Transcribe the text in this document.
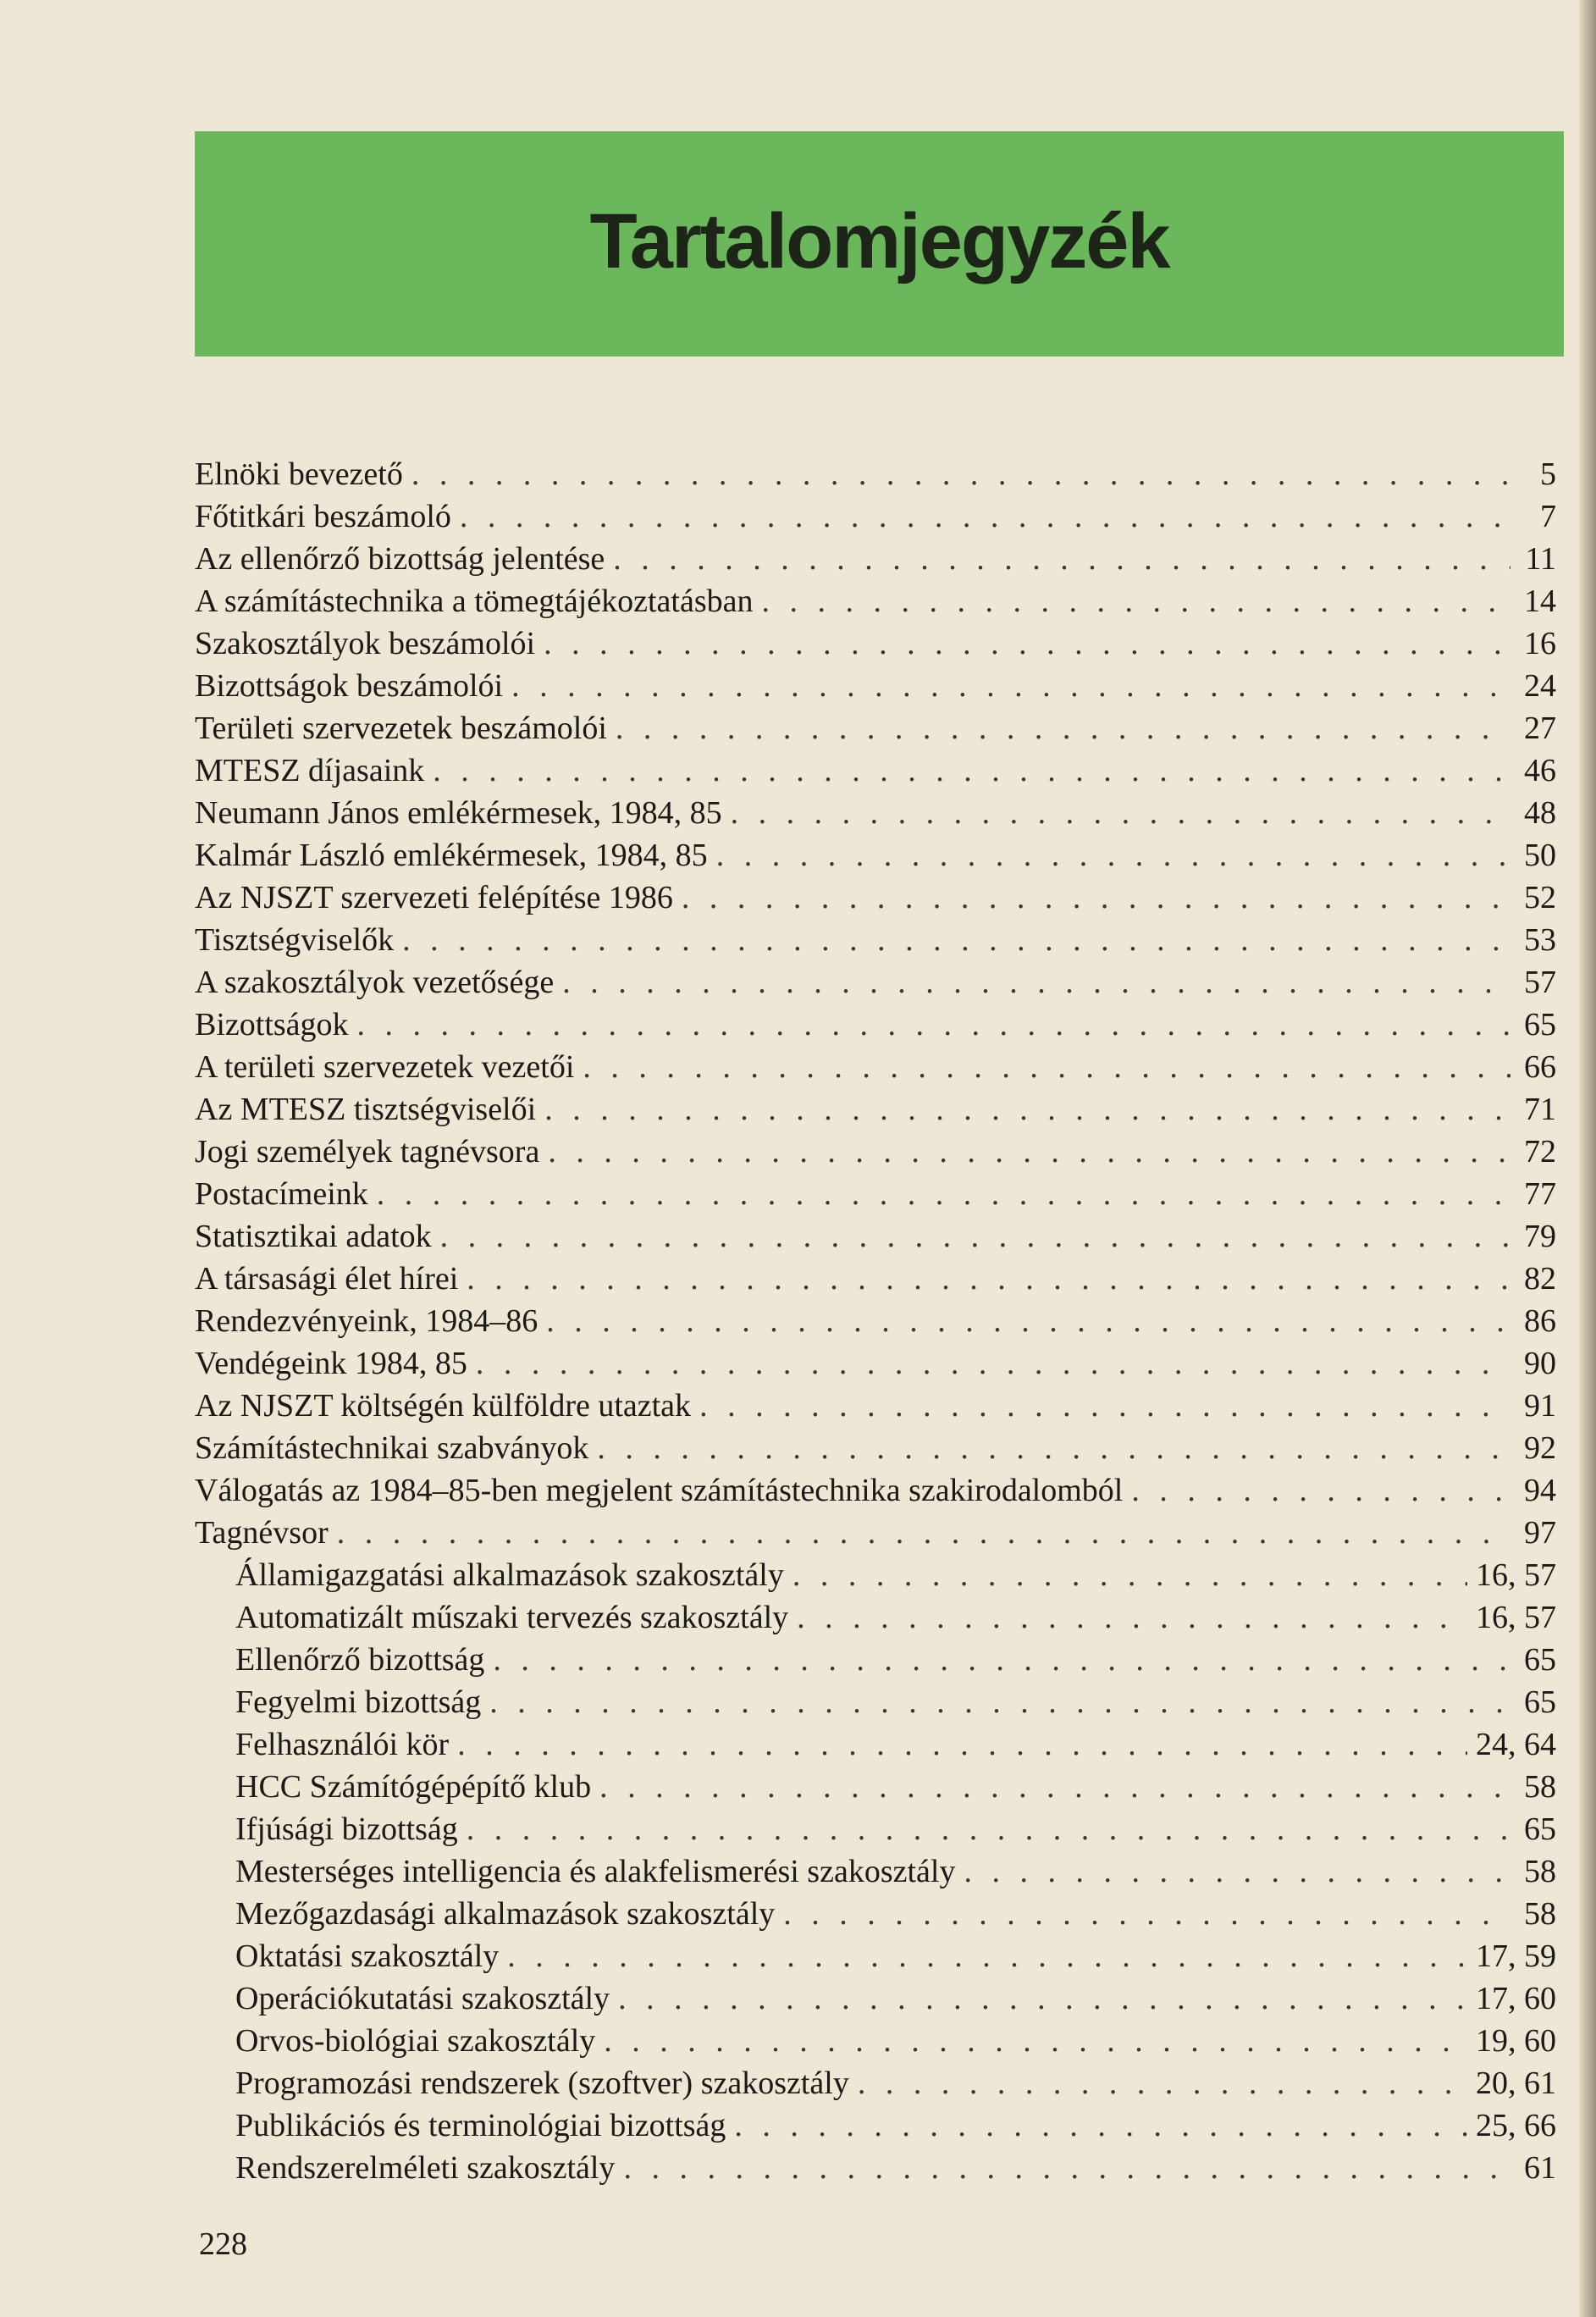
Tartalomjegyzék
Elnöki bevezető . . .	5
Főtitkári beszámoló . . .	7
Az ellenőrző bizottság jelentése . . .	11
A számítástechnika a tömegtájékoztatásban . . .	14
Szakosztályok beszámolói . . .	16
Bizottságok beszámolói . . .	24
Területi szervezetek beszámolói . . .	27
MTESZ díjasaink . . .	46
Neumann János emlékérmesek, 1984, 85 . . .	48
Kalmár László emlékérmesek, 1984, 85 . . .	50
Az NJSZT szervezeti felépítése 1986 . . .	52
Tisztségviselők . . .	53
A szakosztályok vezetősége . . .	57
Bizottságok . . .	65
A területi szervezetek vezetői . . .	66
Az MTESZ tisztségviselői . . .	71
Jogi személyek tagnévsora . . .	72
Postacímeink . . .	77
Statisztikai adatok . . .	79
A társasági élet hírei . . .	82
Rendezvényeink, 1984–86 . . .	86
Vendégeink 1984, 85 . . .	90
Az NJSZT költségén külföldre utaztak . . .	91
Számítástechnikai szabványok . . .	92
Válogatás az 1984–85-ben megjelent számítástechnika szakirodalomból . . .	94
Tagnévsor . . .	97
Államigazgatási alkalmazások szakosztály . . .	16, 57
Automatizált műszaki tervezés szakosztály . . .	16, 57
Ellenőrző bizottság . . .	65
Fegyelmi bizottság . . .	65
Felhasználói kör . . .	24, 64
HCC Számítógépépítő klub . . .	58
Ifjúsági bizottság . . .	65
Mesterséges intelligencia és alakfelismerési szakosztály . . .	58
Mezőgazdasági alkalmazások szakosztály . . .	58
Oktatási szakosztály . . .	17, 59
Operációkutatási szakosztály . . .	17, 60
Orvos-biológiai szakosztály . . .	19, 60
Programozási rendszerek (szoftver) szakosztály . . .	20, 61
Publikációs és terminológiai bizottság . . .	25, 66
Rendszerelméleti szakosztály . . .	61
228
